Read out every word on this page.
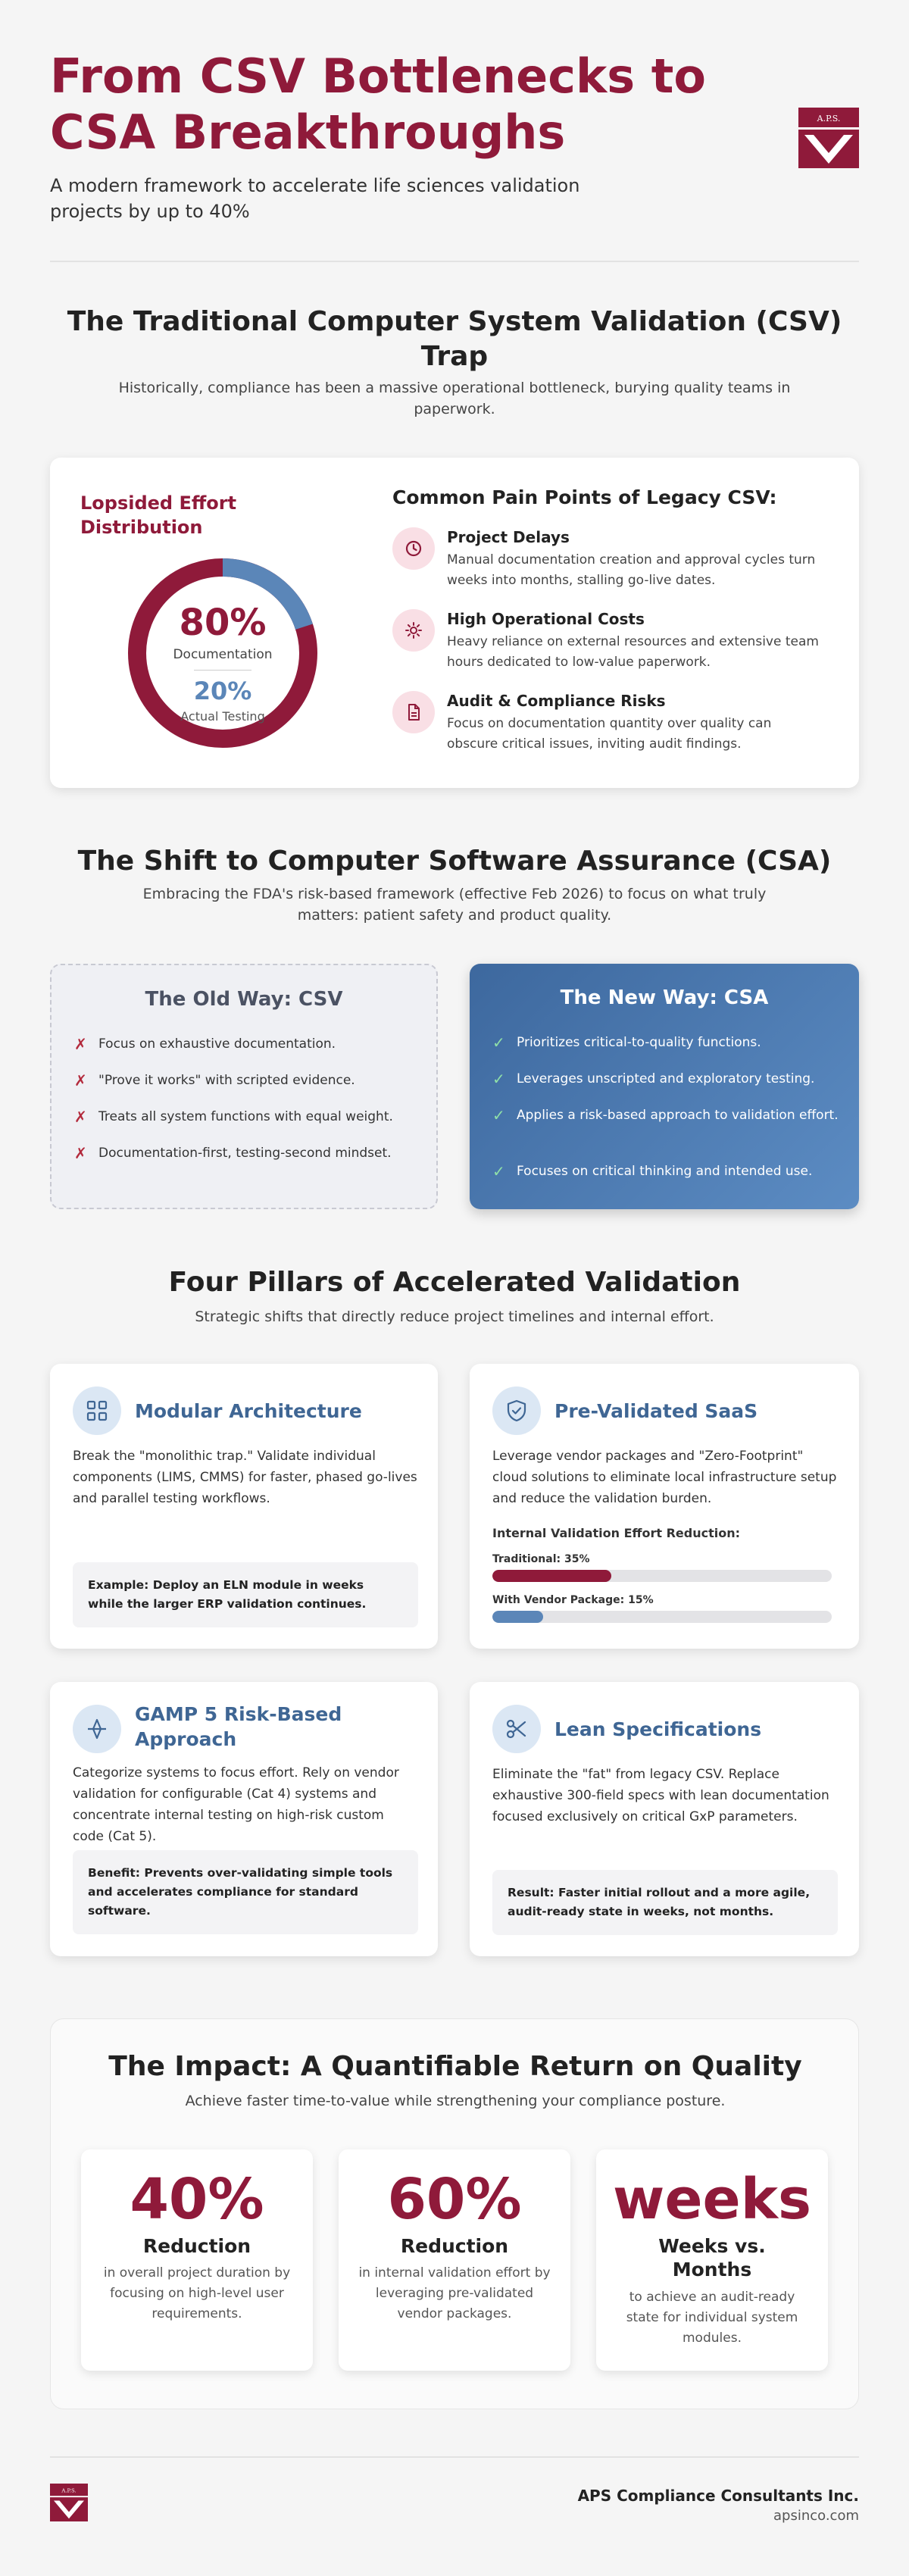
From CSV Bottlenecks to CSA Breakthroughs

A modern framework to accelerate life sciences validation projects by up to 40%

A.P.S.
The Traditional Computer System Validation (CSV) Trap

Historically, compliance has been a massive operational bottleneck, burying quality teams in paperwork.

Lopsided Effort Distribution
80%
Documentation
20%
Actual Testing
Common Pain Points of Legacy CSV:
Project Delays
Manual documentation creation and approval cycles turn weeks into months, stalling go-live dates.
High Operational Costs
Heavy reliance on external resources and extensive team hours dedicated to low-value paperwork.
Audit & Compliance Risks
Focus on documentation quantity over quality can obscure critical issues, inviting audit findings.
The Shift to Computer Software Assurance (CSA)

Embracing the FDA's risk-based framework (effective Feb 2026) to focus on what truly matters: patient safety and product quality.

The Old Way: CSV
✗ Focus on exhaustive documentation.
✗ "Prove it works" with scripted evidence.
✗ Treats all system functions with equal weight.
✗ Documentation-first, testing-second mindset.
The New Way: CSA
✓ Prioritizes critical-to-quality functions.
✓ Leverages unscripted and exploratory testing.
✓ Applies a risk-based approach to validation effort.
✓ Focuses on critical thinking and intended use.
Four Pillars of Accelerated Validation

Strategic shifts that directly reduce project timelines and internal effort.

Modular Architecture
Break the "monolithic trap." Validate individual components (LIMS, CMMS) for faster, phased go-lives and parallel testing workflows.
Example: Deploy an ELN module in weeks while the larger ERP validation continues.
Pre-Validated SaaS
Leverage vendor packages and "Zero-Footprint" cloud solutions to eliminate local infrastructure setup and reduce the validation burden.
Internal Validation Effort Reduction:
Traditional: 35%
With Vendor Package: 15%
GAMP 5 Risk-Based Approach
Categorize systems to focus effort. Rely on vendor validation for configurable (Cat 4) systems and concentrate internal testing on high-risk custom code (Cat 5).
Benefit: Prevents over-validating simple tools and accelerates compliance for standard software.
Lean Specifications
Eliminate the "fat" from legacy CSV. Replace exhaustive 300-field specs with lean documentation focused exclusively on critical GxP parameters.
Result: Faster initial rollout and a more agile, audit-ready state in weeks, not months.
The Impact: A Quantifiable Return on Quality

Achieve faster time-to-value while strengthening your compliance posture.

40%
Reduction
in overall project duration by focusing on high-level user requirements.
60%
Reduction
in internal validation effort by leveraging pre-validated vendor packages.
weeks
Weeks vs. Months
to achieve an audit-ready state for individual system modules.
A.P.S.	APS Compliance Consultants Inc.
apsinco.com
